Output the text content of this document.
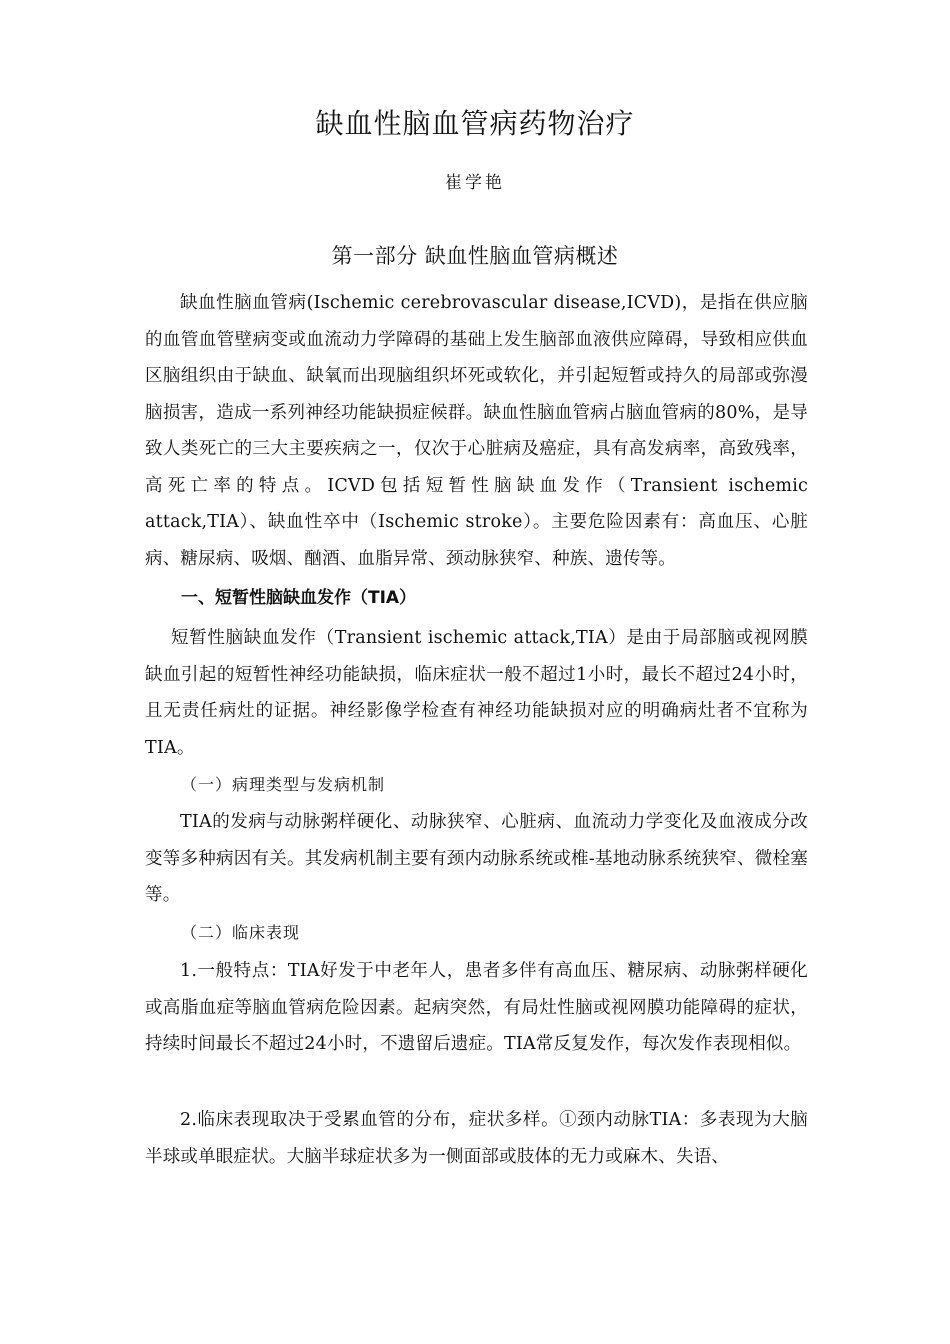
缺血性脑血管病药物治疗
崔学艳
第一部分 缺血性脑血管病概述

缺血性脑血管病(Ischemic cerebrovascular disease,ICVD)，是指在供应脑的血管血管壁病变或血流动力学障碍的基础上发生脑部血液供应障碍，导致相应供血区脑组织由于缺血、缺氧而出现脑组织坏死或软化，并引起短暂或持久的局部或弥漫脑损害，造成一系列神经功能缺损症候群。缺血性脑血管病占脑血管病的80%，是导致人类死亡的三大主要疾病之一，仅次于心脏病及癌症，具有高发病率，高致残率，高死亡率的特点。ICVD包括短暂性脑缺血发作（Transient ischemic attack,TIA）、缺血性卒中（Ischemic stroke）。主要危险因素有：高血压、心脏病、糖尿病、吸烟、酗酒、血脂异常、颈动脉狭窄、种族、遗传等。

一、短暂性脑缺血发作（TIA）

短暂性脑缺血发作（Transient ischemic attack,TIA）是由于局部脑或视网膜缺血引起的短暂性神经功能缺损，临床症状一般不超过1小时，最长不超过24小时，且无责任病灶的证据。神经影像学检查有神经功能缺损对应的明确病灶者不宜称为TIA。

（一）病理类型与发病机制

TIA的发病与动脉粥样硬化、动脉狭窄、心脏病、血流动力学变化及血液成分改变等多种病因有关。其发病机制主要有颈内动脉系统或椎-基地动脉系统狭窄、微栓塞等。

（二）临床表现

1.一般特点：TIA好发于中老年人，患者多伴有高血压、糖尿病、动脉粥样硬化或高脂血症等脑血管病危险因素。起病突然，有局灶性脑或视网膜功能障碍的症状，持续时间最长不超过24小时，不遗留后遗症。TIA常反复发作，每次发作表现相似。

2.临床表现取决于受累血管的分布，症状多样。①颈内动脉TIA：多表现为大脑半球或单眼症状。大脑半球症状多为一侧面部或肢体的无力或麻木、失语、
